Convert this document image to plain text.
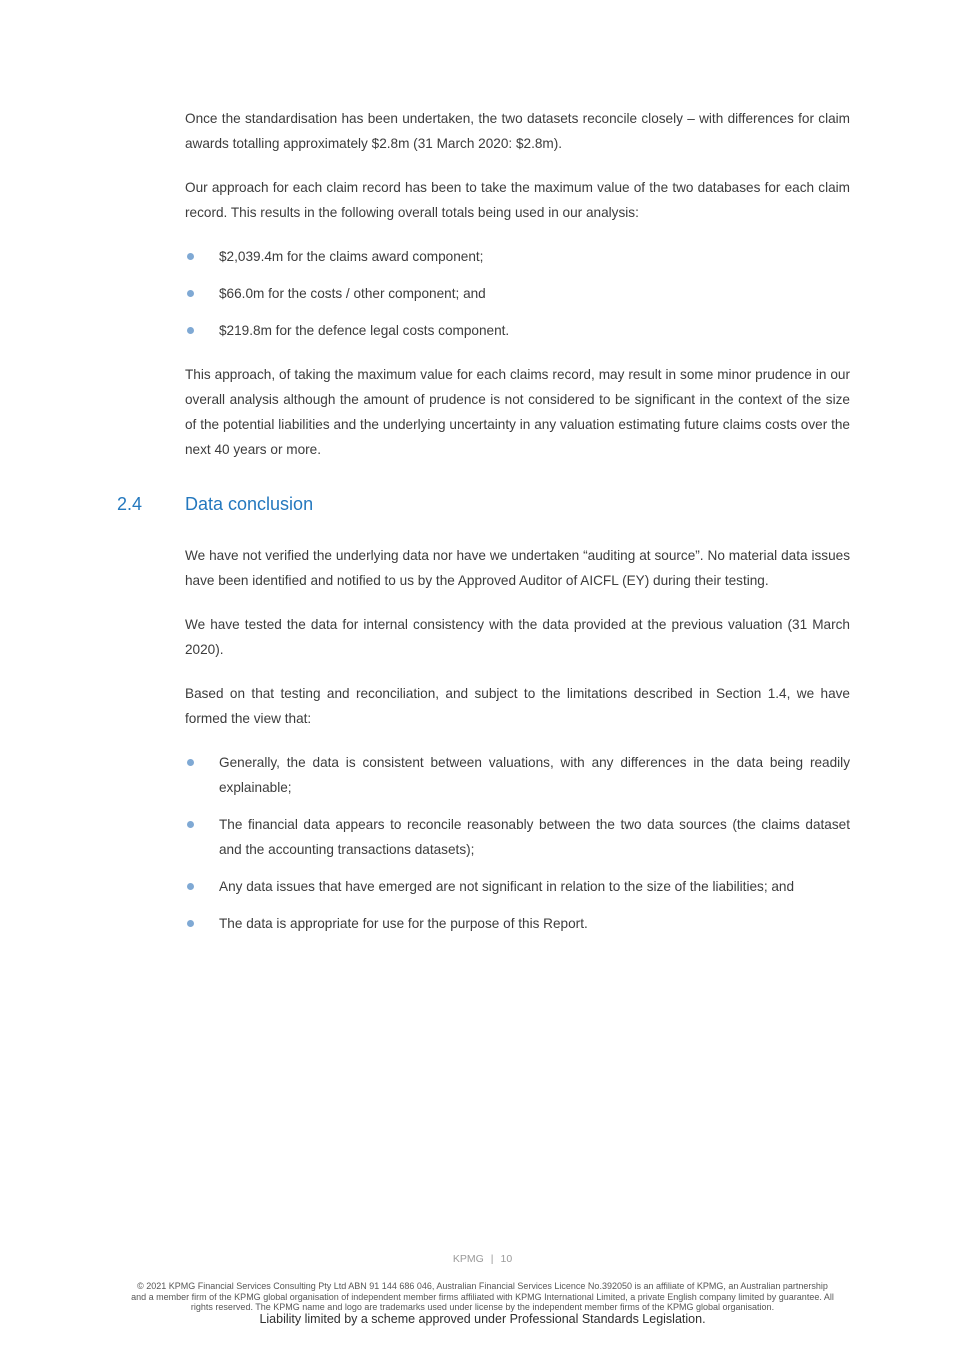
Once the standardisation has been undertaken, the two datasets reconcile closely – with differences for claim awards totalling approximately $2.8m (31 March 2020: $2.8m).

Our approach for each claim record has been to take the maximum value of the two databases for each claim record. This results in the following overall totals being used in our analysis:

$2,039.4m for the claims award component;
$66.0m for the costs / other component; and
$219.8m for the defence legal costs component.

This approach, of taking the maximum value for each claims record, may result in some minor prudence in our overall analysis although the amount of prudence is not considered to be significant in the context of the size of the potential liabilities and the underlying uncertainty in any valuation estimating future claims costs over the next 40 years or more.

2.4 Data conclusion

We have not verified the underlying data nor have we undertaken “auditing at source”. No material data issues have been identified and notified to us by the Approved Auditor of AICFL (EY) during their testing.

We have tested the data for internal consistency with the data provided at the previous valuation (31 March 2020).

Based on that testing and reconciliation, and subject to the limitations described in Section 1.4, we have formed the view that:

Generally, the data is consistent between valuations, with any differences in the data being readily explainable;
The financial data appears to reconcile reasonably between the two data sources (the claims dataset and the accounting transactions datasets);
Any data issues that have emerged are not significant in relation to the size of the liabilities; and
The data is appropriate for use for the purpose of this Report.
KPMG | 10
© 2021 KPMG Financial Services Consulting Pty Ltd ABN 91 144 686 046, Australian Financial Services Licence No.392050 is an affiliate of KPMG, an Australian partnership and a member firm of the KPMG global organisation of independent member firms affiliated with KPMG International Limited, a private English company limited by guarantee. All rights reserved. The KPMG name and logo are trademarks used under license by the independent member firms of the KPMG global organisation.
Liability limited by a scheme approved under Professional Standards Legislation.
